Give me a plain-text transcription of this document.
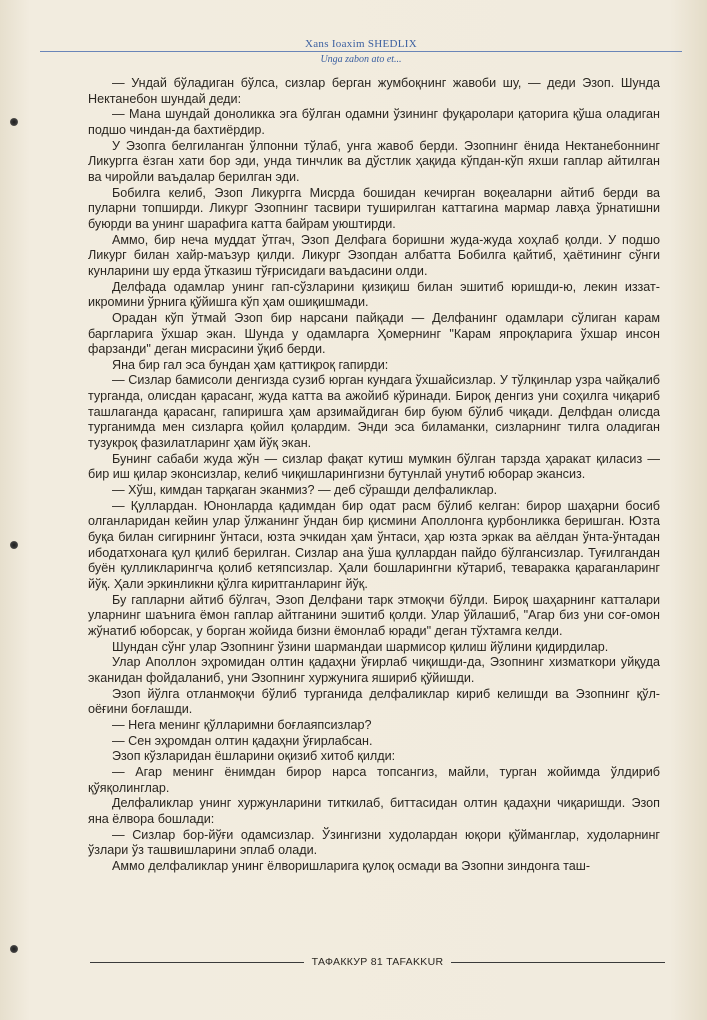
Xans Ioaxim SHEDLIX
Unga zabon ato et...

— Ундай бўладиган бўлса, сизлар берган жумбоқнинг жавоби шу, — деди Эзоп. Шунда Нектанебон шундай деди:

— Мана шундай доноликка эга бўлган одамни ўзининг фуқаролари қаторига қўша оладиган подшо чиндан-да бахтиёрдир.

У Эзопга белгиланган ўлпонни тўлаб, унга жавоб берди. Эзопнинг ёнида Нектанебоннинг Ликургга ёзган хати бор эди, унда тинчлик ва дўстлик ҳақида кўпдан-кўп яхши гаплар айтилган ва чиройли ваъдалар берилган эди.

Бобилга келиб, Эзоп Ликургга Мисрда бошидан кечирган воқеаларни айтиб берди ва пуларни топширди. Ликург Эзопнинг тасвири туширилган каттагина мармар лавҳа ўрнатишни буюрди ва унинг шарафига катта байрам уюштирди.

Аммо, бир неча муддат ўтгач, Эзоп Делфага боришни жуда-жуда хоҳлаб қолди. У подшо Ликург билан хайр-маъзур қилди. Ликург Эзопдан албатта Бобилга қайтиб, ҳаётининг сўнги кунларини шу ерда ўтказиш тўғрисидаги ваъдасини олди.

Делфада одамлар унинг гап-сўзларини қизиқиш билан эшитиб юришди-ю, лекин иззат-икромини ўрнига қўйишга кўп ҳам ошиқишмади.

Орадан кўп ўтмай Эзоп бир нарсани пайқади — Делфанинг одамлари сўлиган карам баргларига ўхшар экан. Шунда у одамларга Ҳомернинг "Карам япроқларига ўхшар инсон фарзанди" деган мисрасини ўқиб берди.

Яна бир гал эса бундан ҳам қаттиқроқ гапирди:

— Сизлар бамисоли денгизда сузиб юрган кундага ўхшайсизлар. У тўлқинлар узра чайқалиб турганда, олисдан қарасанг, жуда катта ва ажойиб кўринади. Бироқ денгиз уни соҳилга чиқариб ташлаганда қарасанг, гапиришга ҳам арзимайдиган бир буюм бўлиб чиқади. Делфдан олисда турганимда мен сизларга қойил қолардим. Энди эса биламанки, сизларнинг тилга оладиган тузукроқ фазилатларинг ҳам йўқ экан.

Бунинг сабаби жуда жўн — сизлар фақат кутиш мумкин бўлган тарзда ҳаракат қиласиз — бир иш қилар эконсизлар, келиб чиқишларингизни бутунлай унутиб юборар экансиз.

— Хўш, кимдан тарқаган эканмиз? — деб сўрашди делфаликлар.

— Қуллардан. Юнонларда қадимдан бир одат расм бўлиб келган: бирор шаҳарни босиб олганларидан кейин улар ўлжанинг ўндан бир қисмини Аполлонга қурбонликка беришган. Юзта буқа билан сигирнинг ўнтаси, юзта эчкидан ҳам ўнтаси, ҳар юзта эркак ва аёлдан ўнта-ўнтадан ибодатхонага қул қилиб берилган. Сизлар ана ўша қуллардан пайдо бўлгансизлар. Туғилгандан буён қулликларингча қолиб кетяпсизлар. Ҳали бошларингни кўтариб, теваракка қараганларинг йўқ. Ҳали эркинликни қўлга киритганларинг йўқ.

Бу гапларни айтиб бўлгач, Эзоп Делфани тарк этмоқчи бўлди. Бироқ шаҳарнинг катталари уларнинг шаънига ёмон гаплар айтганини эшитиб қолди. Улар ўйлашиб, "Агар биз уни соғ-омон жўнатиб юборсак, у борган жойида бизни ёмонлаб юради" деган тўхтамга келди.

Шундан сўнг улар Эзопнинг ўзини шармандаи шармисор қилиш йўлини қидирдилар.

Улар Аполлон эҳромидан олтин қадаҳни ўғирлаб чиқишди-да, Эзопнинг хизматкори уйқуда эканидан фойдаланиб, уни Эзопнинг хуржунига яшириб қўйишди.

Эзоп йўлга отланмоқчи бўлиб турганида делфаликлар кириб келишди ва Эзопнинг қўл-оёғини боғлашди.

— Нега менинг қўлларимни боғлаяпсизлар?

— Сен эҳромдан олтин қадаҳни ўғирлабсан.

Эзоп кўзларидан ёшларини оқизиб хитоб қилди:

— Агар менинг ёнимдан бирор нарса топсангиз, майли, турган жойимда ўлдириб қўяқолинглар.

Делфаликлар унинг хуржунларини титкилаб, биттасидан олтин қадаҳни чиқаришди. Эзоп яна ёлвора бошлади:

— Сизлар бор-йўғи одамсизлар. Ўзингизни худолардан юқори қўйманглар, худоларнинг ўзлари ўз ташвишларини эплаб олади.

Аммо делфаликлар унинг ёлворишларига қулоқ осмади ва Эзопни зиндонга таш-

ТАФАККУР 81 TAFAKKUR
